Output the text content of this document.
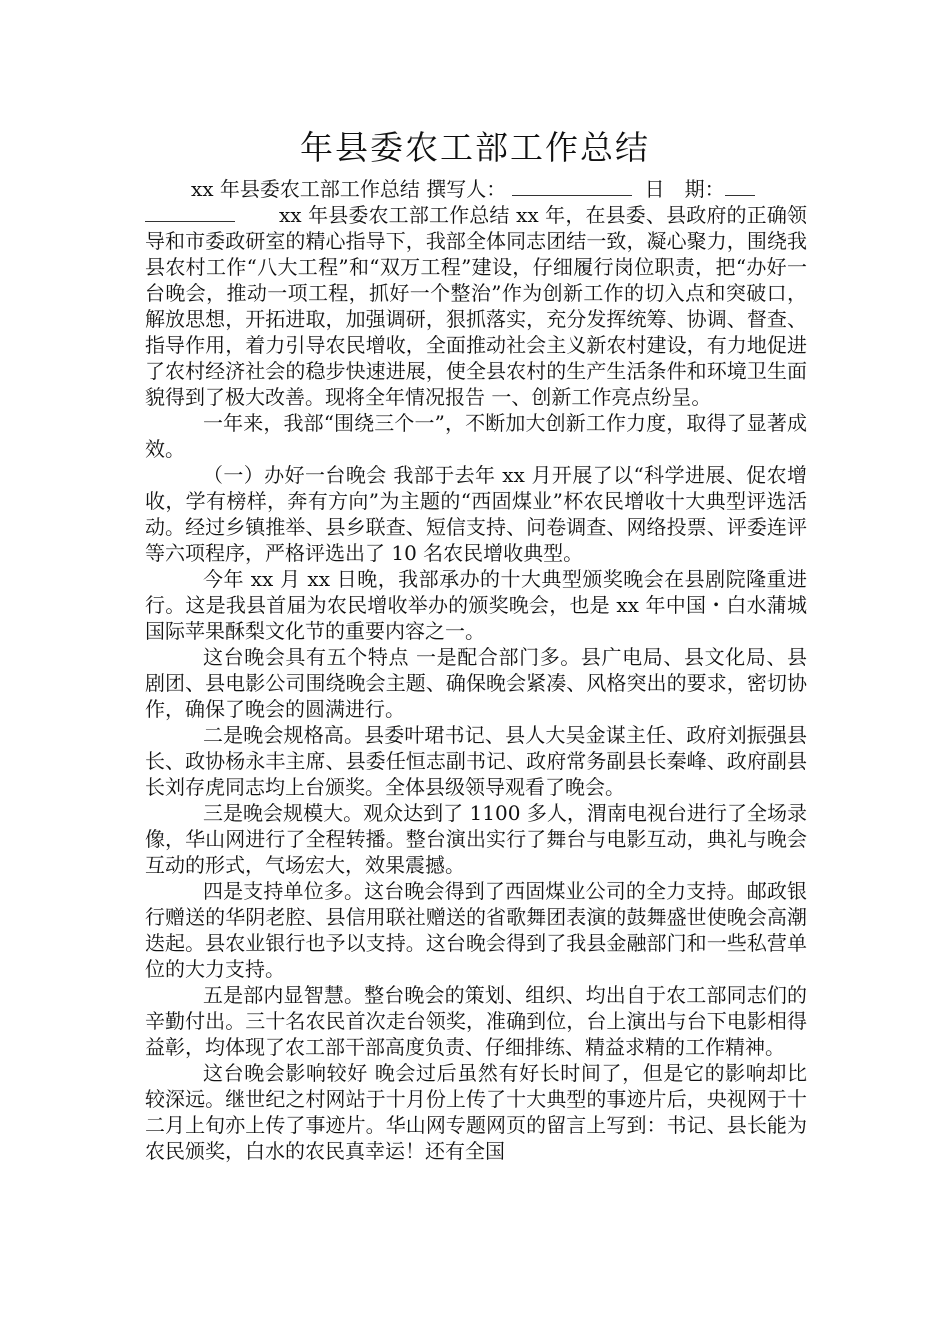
年县委农工部工作总结

xx 年县委农工部工作总结 撰写人：	日　期：

xx 年县委农工部工作总结 xx 年，在县委、县政府的正确领导和市委政研室的精心指导下，我部全体同志团结一致，凝心聚力，围绕我县农村工作“八大工程”和“双万工程”建设，仔细履行岗位职责，把“办好一台晚会，推动一项工程，抓好一个整治”作为创新工作的切入点和突破口，解放思想，开拓进取，加强调研，狠抓落实，充分发挥统筹、协调、督查、指导作用，着力引导农民增收，全面推动社会主义新农村建设，有力地促进了农村经济社会的稳步快速进展，使全县农村的生产生活条件和环境卫生面貌得到了极大改善。现将全年情况报告 一、创新工作亮点纷呈。

一年来，我部“围绕三个一”，不断加大创新工作力度，取得了显著成效。

（一）办好一台晚会 我部于去年 xx 月开展了以“科学进展、促农增收，学有榜样，奔有方向”为主题的“西固煤业”杯农民增收十大典型评选活动。经过乡镇推举、县乡联查、短信支持、问卷调查、网络投票、评委连评等六项程序，严格评选出了 10 名农民增收典型。

今年 xx 月 xx 日晚，我部承办的十大典型颁奖晚会在县剧院隆重进行。这是我县首届为农民增收举办的颁奖晚会，也是 xx 年中国・白水蒲城国际苹果酥梨文化节的重要内容之一。

这台晚会具有五个特点 一是配合部门多。县广电局、县文化局、县剧团、县电影公司围绕晚会主题、确保晚会紧凑、风格突出的要求，密切协作，确保了晚会的圆满进行。

二是晚会规格高。县委叶珺书记、县人大吴金谋主任、政府刘振强县长、政协杨永丰主席、县委任恒志副书记、政府常务副县长秦峰、政府副县长刘存虎同志均上台颁奖。全体县级领导观看了晚会。

三是晚会规模大。观众达到了 1100 多人，渭南电视台进行了全场录像，华山网进行了全程转播。整台演出实行了舞台与电影互动，典礼与晚会互动的形式，气场宏大，效果震撼。

四是支持单位多。这台晚会得到了西固煤业公司的全力支持。邮政银行赠送的华阴老腔、县信用联社赠送的省歌舞团表演的鼓舞盛世使晚会高潮迭起。县农业银行也予以支持。这台晚会得到了我县金融部门和一些私营单位的大力支持。

五是部内显智慧。整台晚会的策划、组织、均出自于农工部同志们的辛勤付出。三十名农民首次走台领奖，准确到位，台上演出与台下电影相得益彰，均体现了农工部干部高度负责、仔细排练、精益求精的工作精神。

这台晚会影响较好 晚会过后虽然有好长时间了，但是它的影响却比较深远。继世纪之村网站于十月份上传了十大典型的事迹片后，央视网于十二月上旬亦上传了事迹片。华山网专题网页的留言上写到：书记、县长能为农民颁奖，白水的农民真幸运！还有全国
